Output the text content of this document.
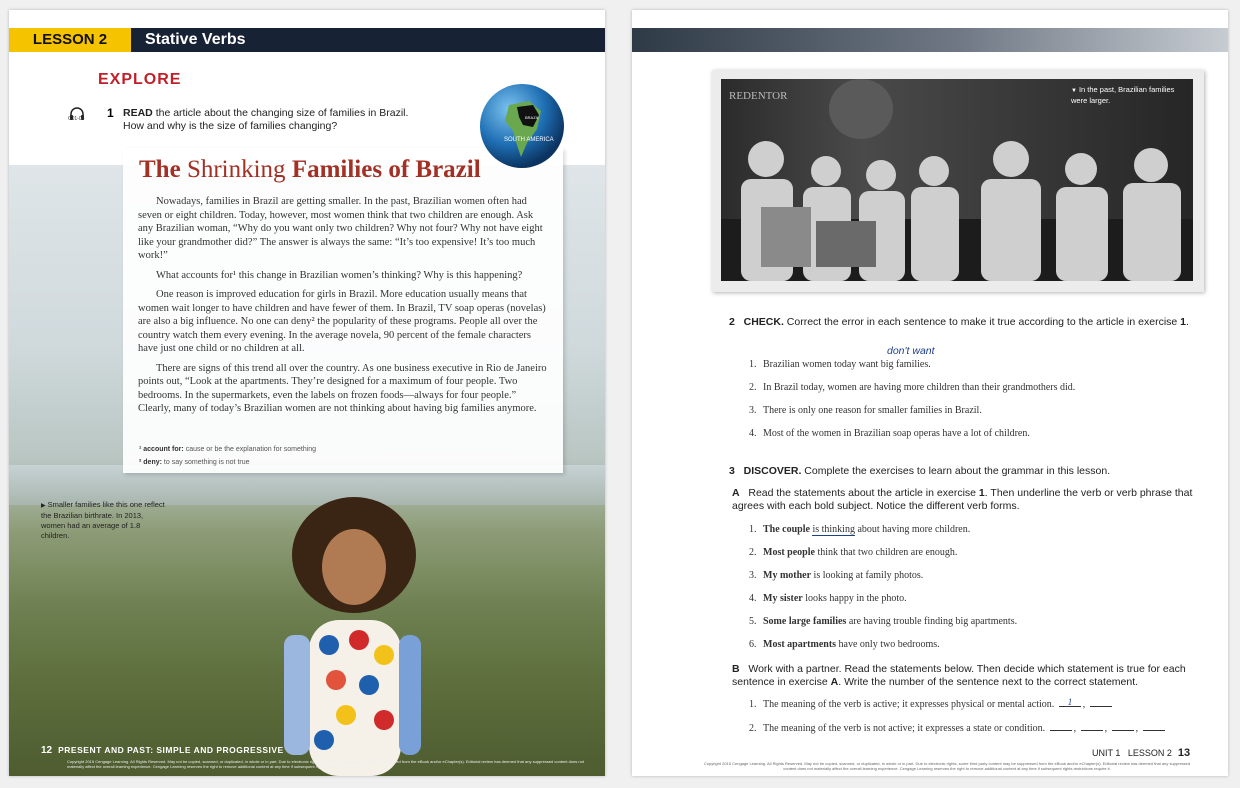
LESSON 2	Stative Verbs
EXPLORE
C01-04 1 READ the article about the changing size of families in Brazil.
How and why is the size of families changing?
The Shrinking Families of Brazil

Nowadays, families in Brazil are getting smaller. In the past, Brazilian women often had seven or eight children. Today, however, most women think that two children are enough. Ask any Brazilian woman, “Why do you want only two children? Why not four? Why not have eight like your grandmother did?” The answer is always the same: “It’s too expensive! It’s too much work!”

What accounts for¹ this change in Brazilian women’s thinking? Why is this happening?

One reason is improved education for girls in Brazil. More education usually means that women wait longer to have children and have fewer of them. In Brazil, TV soap operas (novelas) are also a big influence. No one can deny² the popularity of these programs. People all over the country watch them every evening. In the average novela, 90 percent of the female characters have just one child or no children at all.

There are signs of this trend all over the country. As one business executive in Rio de Janeiro points out, “Look at the apartments. They’re designed for a maximum of four people. Two bedrooms. In the supermarkets, even the labels on frozen foods—always for four people.” Clearly, many of today’s Brazilian women are not thinking about having big families anymore.

¹ account for: cause or be the explanation for something
² deny: to say something is not true
SOUTH AMERICA
BRAZIL
▶ Smaller families like this one reflect the Brazilian birthrate. In 2013, women had an average of 1.8 children.
12 PRESENT AND PAST: SIMPLE AND PROGRESSIVE
Copyright 2015 Cengage Learning. All Rights Reserved. May not be copied, scanned, or duplicated, in whole or in part. Due to electronic rights, some third party content may be suppressed from the eBook and/or eChapter(s). Editorial review has deemed that any suppressed content does not materially affect the overall learning experience. Cengage Learning reserves the right to remove additional content at any time if subsequent rights restrictions require it.
REDENTOR	▼ In the past, Brazilian families were larger.
2 CHECK. Correct the error in each sentence to make it true according to the article in exercise 1.
don't want
1. Brazilian women today want big families.
2. In Brazil today, women are having more children than their grandmothers did.
3. There is only one reason for smaller families in Brazil.
4. Most of the women in Brazilian soap operas have a lot of children.
3 DISCOVER. Complete the exercises to learn about the grammar in this lesson.
A Read the statements about the article in exercise 1. Then underline the verb or verb phrase that agrees with each bold subject. Notice the different verb forms.
1. The couple is thinking about having more children.
2. Most people think that two children are enough.
3. My mother is looking at family photos.
4. My sister looks happy in the photo.
5. Some large families are having trouble finding big apartments.
6. Most apartments have only two bedrooms.
B Work with a partner. Read the statements below. Then decide which statement is true for each sentence in exercise A. Write the number of the sentence next to the correct statement.
1. The meaning of the verb is active; it expresses physical or mental action. 1 ,
2. The meaning of the verb is not active; it expresses a state or condition.	,	,	,
UNIT 1 LESSON 2 13
Copyright 2015 Cengage Learning. All Rights Reserved. May not be copied, scanned, or duplicated, in whole or in part. Due to electronic rights, some third party content may be suppressed from the eBook and/or eChapter(s). Editorial review has deemed that any suppressed content does not materially affect the overall learning experience. Cengage Learning reserves the right to remove additional content at any time if subsequent rights restrictions require it.
